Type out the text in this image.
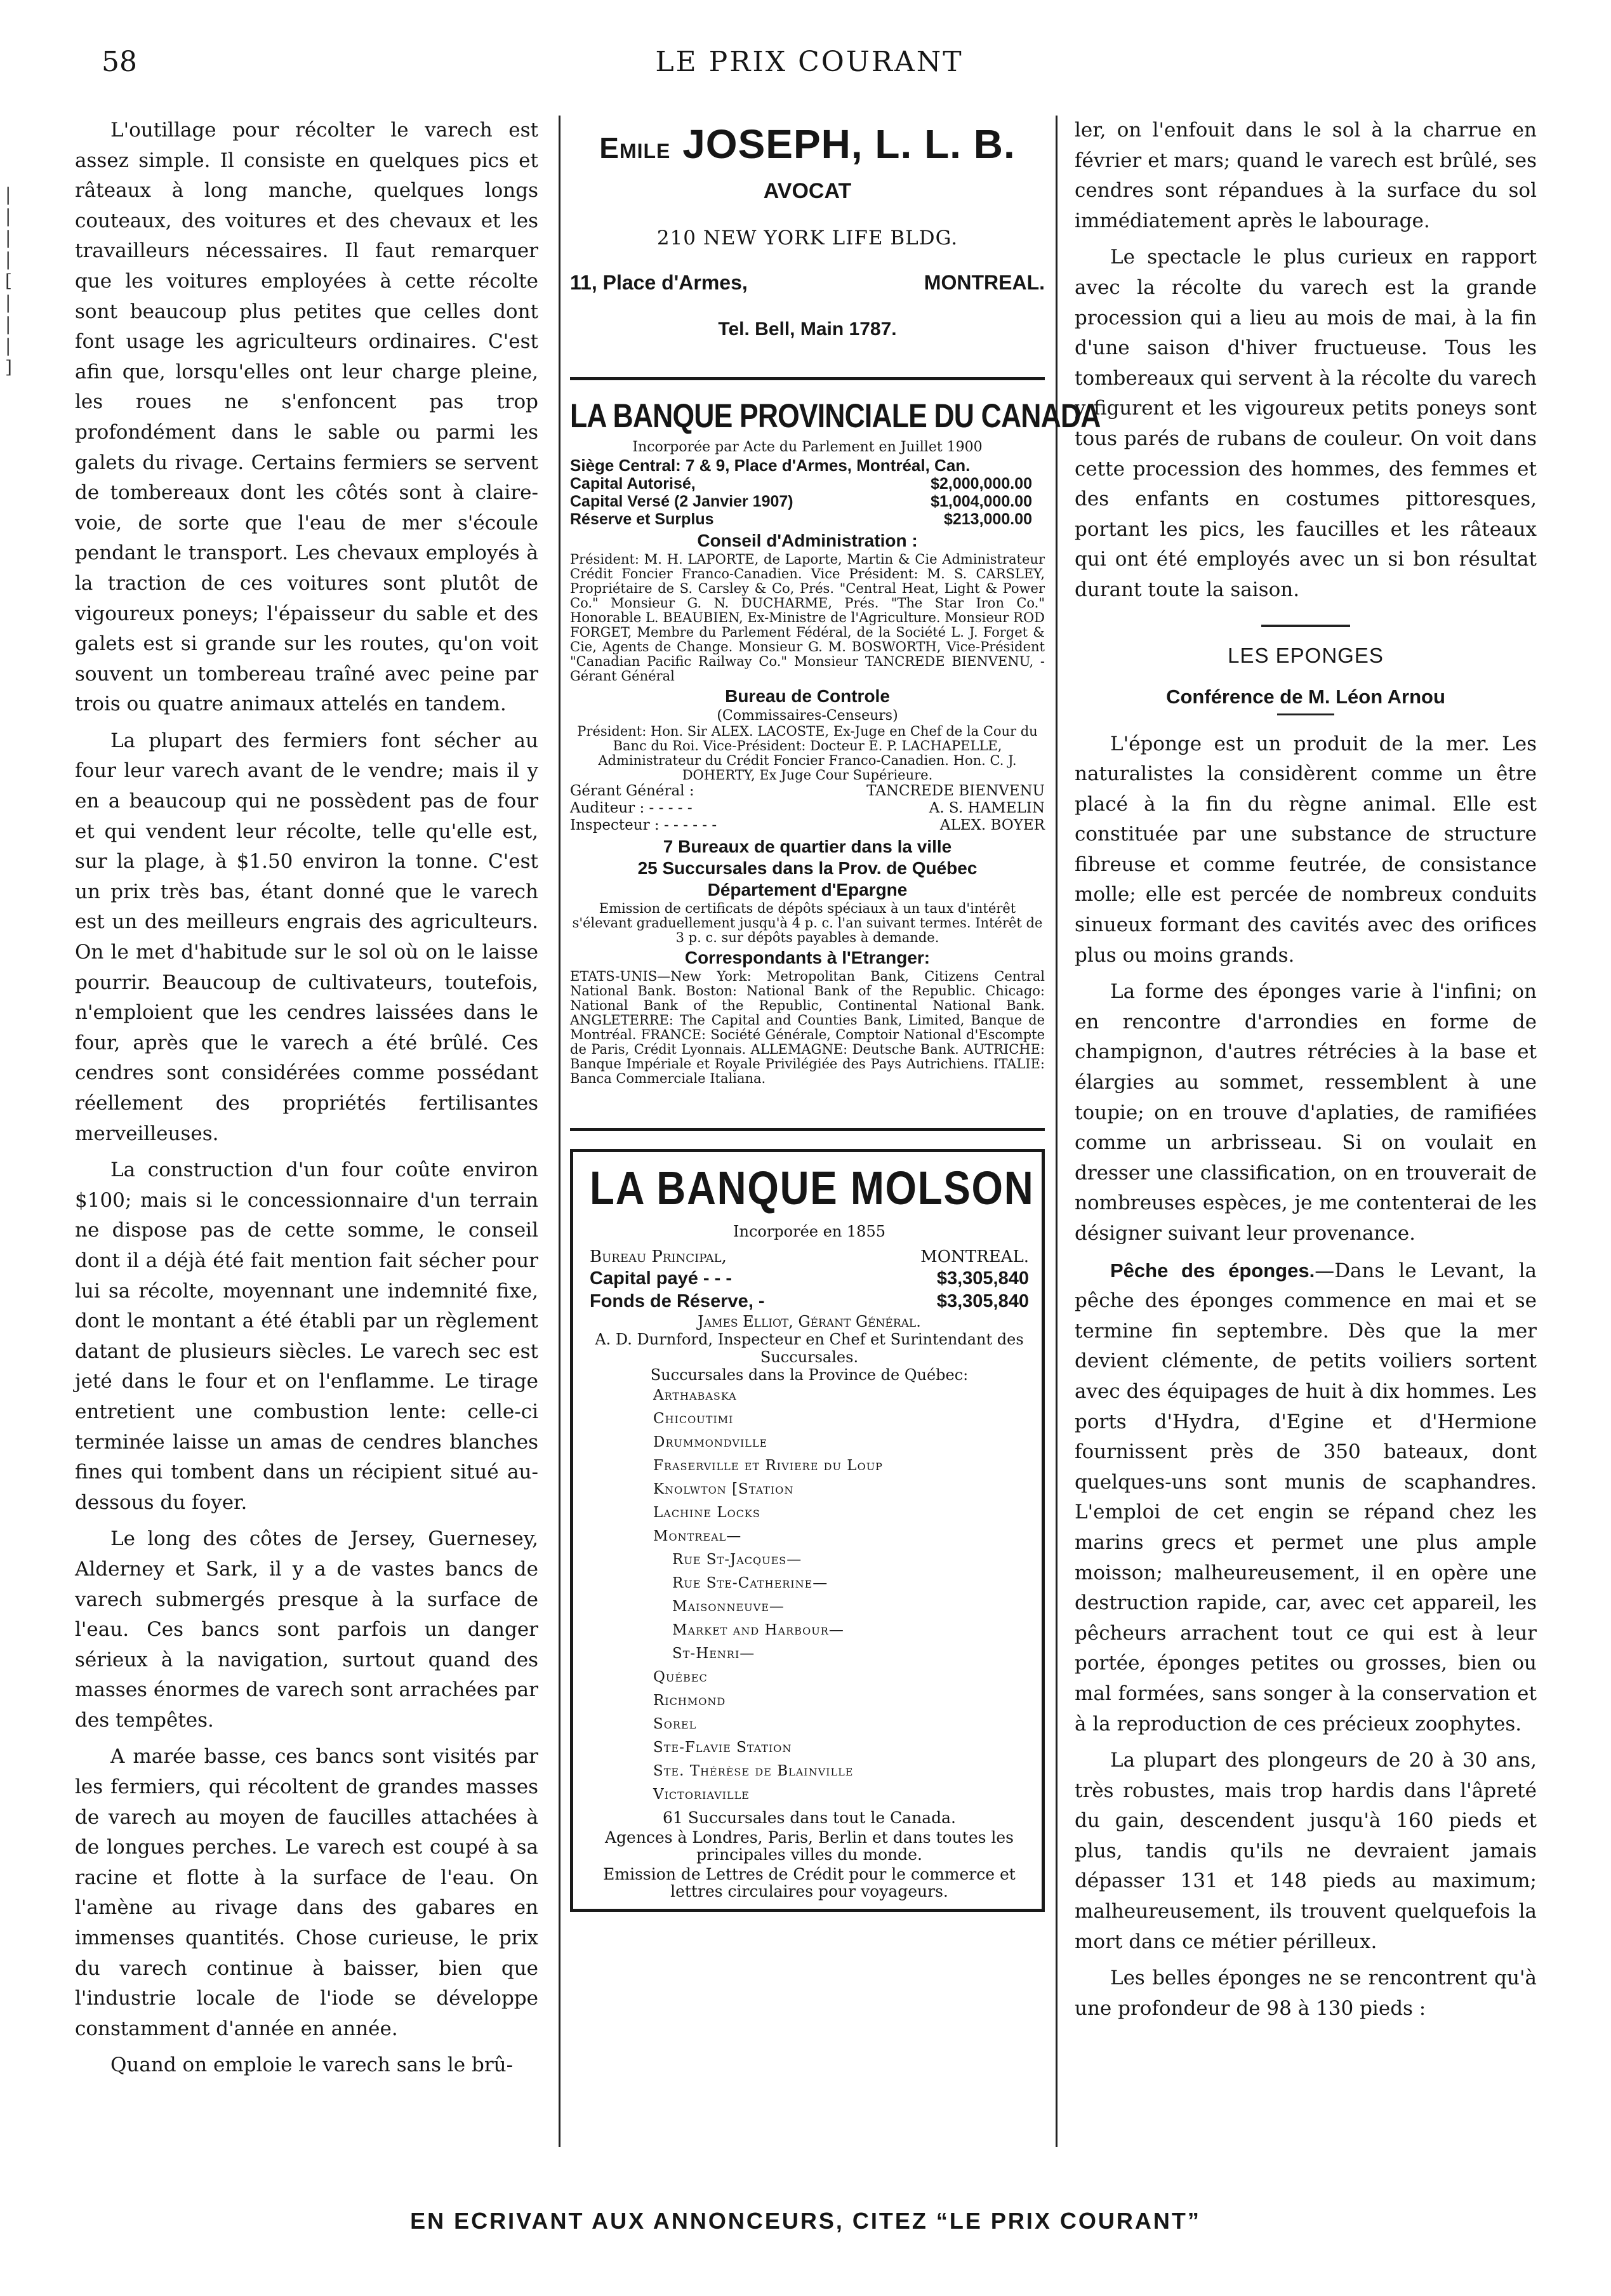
58	LE PRIX COURANT
| | | | [ | | | ]

L'outillage pour récolter le varech est assez simple. Il consiste en quelques pics et râteaux à long manche, quelques longs couteaux, des voitures et des chevaux et les travailleurs nécessaires. Il faut remarquer que les voitures employées à cette récolte sont beaucoup plus petites que celles dont font usage les agriculteurs ordinaires. C'est afin que, lorsqu'elles ont leur charge pleine, les roues ne s'enfoncent pas trop profondément dans le sable ou parmi les galets du rivage. Certains fermiers se servent de tombereaux dont les côtés sont à claire-voie, de sorte que l'eau de mer s'écoule pendant le transport. Les chevaux employés à la traction de ces voitures sont plutôt de vigoureux poneys; l'épaisseur du sable et des galets est si grande sur les routes, qu'on voit souvent un tombereau traîné avec peine par trois ou quatre animaux attelés en tandem.

La plupart des fermiers font sécher au four leur varech avant de le vendre; mais il y en a beaucoup qui ne possèdent pas de four et qui vendent leur récolte, telle qu'elle est, sur la plage, à $1.50 environ la tonne. C'est un prix très bas, étant donné que le varech est un des meilleurs engrais des agriculteurs. On le met d'habitude sur le sol où on le laisse pourrir. Beaucoup de cultivateurs, toutefois, n'emploient que les cendres laissées dans le four, après que le varech a été brûlé. Ces cendres sont considérées comme possédant réellement des propriétés fertilisantes merveilleuses.

La construction d'un four coûte environ $100; mais si le concessionnaire d'un terrain ne dispose pas de cette somme, le conseil dont il a déjà été fait mention fait sécher pour lui sa récolte, moyennant une indemnité fixe, dont le montant a été établi par un règlement datant de plusieurs siècles. Le varech sec est jeté dans le four et on l'enflamme. Le tirage entretient une combustion lente: celle-ci terminée laisse un amas de cendres blanches fines qui tombent dans un récipient situé au-dessous du foyer.

Le long des côtes de Jersey, Guernesey, Alderney et Sark, il y a de vastes bancs de varech submergés presque à la surface de l'eau. Ces bancs sont parfois un danger sérieux à la navigation, surtout quand des masses énormes de varech sont arrachées par des tempêtes.

A marée basse, ces bancs sont visités par les fermiers, qui récoltent de grandes masses de varech au moyen de faucilles attachées à de longues perches. Le varech est coupé à sa racine et flotte à la surface de l'eau. On l'amène au rivage dans des gabares en immenses quantités. Chose curieuse, le prix du varech continue à baisser, bien que l'industrie locale de l'iode se développe constamment d'année en année.

Quand on emploie le varech sans le brû-

Emile JOSEPH, L. L. B.
AVOCAT
210 NEW YORK LIFE BLDG.
11, Place d'Armes,	MONTREAL.
Tel. Bell, Main 1787.
LA BANQUE PROVINCIALE DU CANADA
Incorporée par Acte du Parlement en Juillet 1900
Siège Central: 7 & 9, Place d'Armes, Montréal, Can.
Capital Autorisé,	$2,000,000.00
Capital Versé (2 Janvier 1907)	$1,004,000.00
Réserve et Surplus	$213,000.00
Conseil d'Administration :
Président: M. H. LAPORTE, de Laporte, Martin & Cie Administrateur Crédit Foncier Franco-Canadien. Vice Président: M. S. CARSLEY, Propriétaire de S. Carsley & Co, Prés. "Central Heat, Light & Power Co." Monsieur G. N. DUCHARME, Prés. "The Star Iron Co." Honorable L. BEAUBIEN, Ex-Ministre de l'Agriculture. Monsieur ROD FORGET, Membre du Parlement Fédéral, de la Société L. J. Forget & Cie, Agents de Change. Monsieur G. M. BOSWORTH, Vice-Président "Canadian Pacific Railway Co." Monsieur TANCREDE BIENVENU, - Gérant Général
Bureau de Controle
(Commissaires-Censeurs)
Président: Hon. Sir ALEX. LACOSTE, Ex-Juge en Chef de la Cour du Banc du Roi. Vice-Président: Docteur E. P. LACHAPELLE, Administrateur du Crédit Foncier Franco-Canadien. Hon. C. J. DOHERTY, Ex Juge Cour Supérieure.
Gérant Général :	TANCREDE BIENVENU
Auditeur : - - - - -	A. S. HAMELIN
Inspecteur : - - - - - -	ALEX. BOYER
7 Bureaux de quartier dans la ville
25 Succursales dans la Prov. de Québec
Département d'Epargne
Emission de certificats de dépôts spéciaux à un taux d'intérêt s'élevant graduellement jusqu'à 4 p. c. l'an suivant termes. Intérêt de 3 p. c. sur dépôts payables à demande.
Correspondants à l'Etranger:
ETATS-UNIS—New York: Metropolitan Bank, Citizens Central National Bank. Boston: National Bank of the Republic. Chicago: National Bank of the Republic, Continental National Bank. ANGLETERRE: The Capital and Counties Bank, Limited, Banque de Montréal. FRANCE: Société Générale, Comptoir National d'Escompte de Paris, Crédit Lyonnais. ALLEMAGNE: Deutsche Bank. AUTRICHE: Banque Impériale et Royale Privilégiée des Pays Autrichiens. ITALIE: Banca Commerciale Italiana.
LA BANQUE MOLSON
Incorporée en 1855
Bureau Principal,	MONTREAL.
Capital payé - - -	$3,305,840
Fonds de Réserve, -	$3,305,840
James Elliot, Gérant Général.
A. D. Durnford, Inspecteur en Chef et Surintendant des Succursales.
Succursales dans la Province de Québec:
Arthabaska
Chicoutimi
Drummondville
Fraserville et Riviere du Loup
Knolwton [Station
Lachine Locks
Montreal—
Rue St-Jacques—
Rue Ste-Catherine—
Maisonneuve—
Market and Harbour—
St-Henri—
Québec
Richmond
Sorel
Ste-Flavie Station
Ste. Thérèse de Blainville
Victoriaville
61 Succursales dans tout le Canada.
Agences à Londres, Paris, Berlin et dans toutes les principales villes du monde.
Emission de Lettres de Crédit pour le commerce et lettres circulaires pour voyageurs.

ler, on l'enfouit dans le sol à la charrue en février et mars; quand le varech est brûlé, ses cendres sont répandues à la surface du sol immédiatement après le labourage.

Le spectacle le plus curieux en rapport avec la récolte du varech est la grande procession qui a lieu au mois de mai, à la fin d'une saison d'hiver fructueuse. Tous les tombereaux qui servent à la récolte du varech y figurent et les vigoureux petits poneys sont tous parés de rubans de couleur. On voit dans cette procession des hommes, des femmes et des enfants en costumes pittoresques, portant les pics, les faucilles et les râteaux qui ont été employés avec un si bon résultat durant toute la saison.

LES EPONGES
Conférence de M. Léon Arnou

L'éponge est un produit de la mer. Les naturalistes la considèrent comme un être placé à la fin du règne animal. Elle est constituée par une substance de structure fibreuse et comme feutrée, de consistance molle; elle est percée de nombreux conduits sinueux formant des cavités avec des orifices plus ou moins grands.

La forme des éponges varie à l'infini; on en rencontre d'arrondies en forme de champignon, d'autres rétrécies à la base et élargies au sommet, ressemblent à une toupie; on en trouve d'aplaties, de ramifiées comme un arbrisseau. Si on voulait en dresser une classification, on en trouverait de nombreuses espèces, je me contenterai de les désigner suivant leur provenance.

Pêche des éponges.—Dans le Levant, la pêche des éponges commence en mai et se termine fin septembre. Dès que la mer devient clémente, de petits voiliers sortent avec des équipages de huit à dix hommes. Les ports d'Hydra, d'Egine et d'Hermione fournissent près de 350 bateaux, dont quelques-uns sont munis de scaphandres. L'emploi de cet engin se répand chez les marins grecs et permet une plus ample moisson; malheureusement, il en opère une destruction rapide, car, avec cet appareil, les pêcheurs arrachent tout ce qui est à leur portée, éponges petites ou grosses, bien ou mal formées, sans songer à la conservation et à la reproduction de ces précieux zoophytes.

La plupart des plongeurs de 20 à 30 ans, très robustes, mais trop hardis dans l'âpreté du gain, descendent jusqu'à 160 pieds et plus, tandis qu'ils ne devraient jamais dépasser 131 et 148 pieds au maximum; malheureusement, ils trouvent quelquefois la mort dans ce métier périlleux.

Les belles éponges ne se rencontrent qu'à une profondeur de 98 à 130 pieds :

EN ECRIVANT AUX ANNONCEURS, CITEZ “LE PRIX COURANT”
